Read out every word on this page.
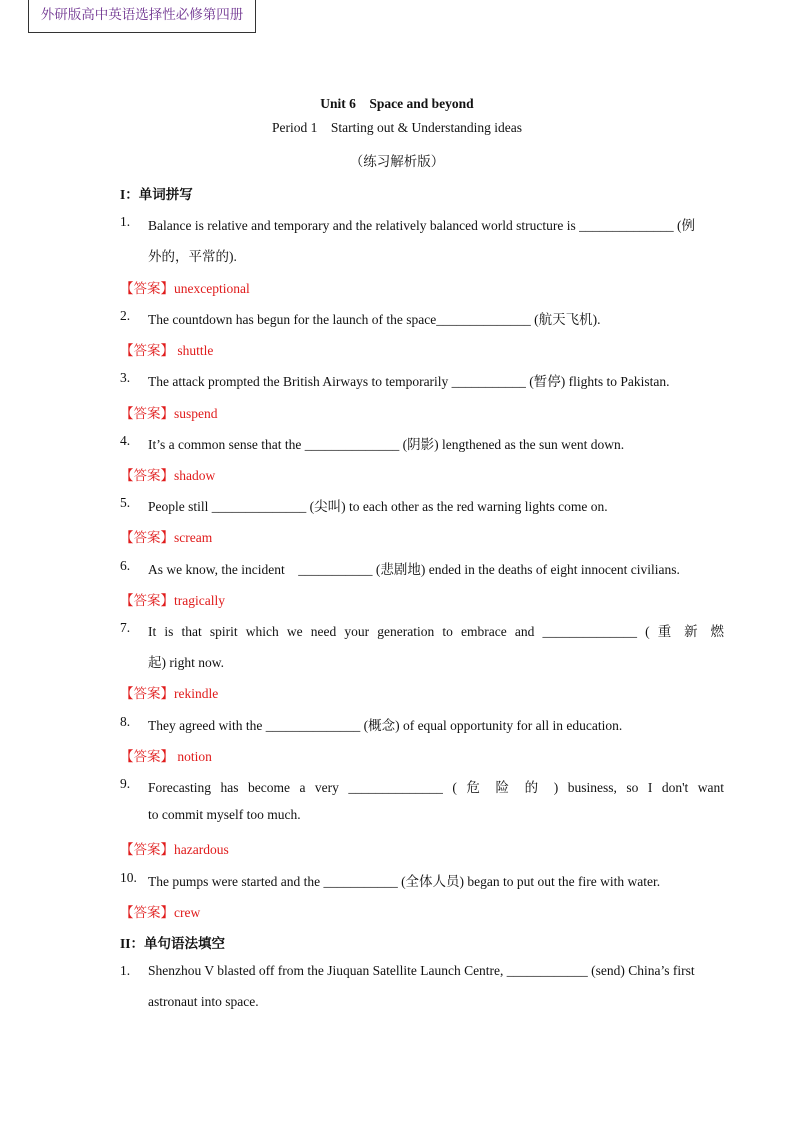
外研版高中英语选择性必修第四册
Unit 6    Space and beyond
Period 1    Starting out & Understanding ideas
（练习解析版）
I：单词拼写
1. Balance is relative and temporary and the relatively balanced world structure is ______________ (例
外的，平常的).
【答案】unexceptional
2. The countdown has begun for the launch of the space______________ (航天飞机).
【答案】 shuttle
3. The attack prompted the British Airways to temporarily ___________ (暂停) flights to Pakistan.
【答案】suspend
4. It’s a common sense that the ______________ (阴影) lengthened as the sun went down.
【答案】shadow
5. People still ______________ (尖叫) to each other as the red warning lights come on.
【答案】scream
6. As we know, the incident    ___________ (悲剧地) ended in the deaths of eight innocent civilians.
【答案】tragically
7. It is that spirit which we need your generation to embrace and ______________ ( 重 新 燃
起) right now.
【答案】rekindle
8. They agreed with the ______________ (概念) of equal opportunity for all in education.
【答案】 notion
9. Forecasting has become a very ______________ ( 危 险 的 ) business, so I don't want
to commit myself too much.
【答案】hazardous
10. The pumps were started and the ___________ (全体人员) began to put out the fire with water.
【答案】crew
II：单句语法填空
1. Shenzhou V blasted off from the Jiuquan Satellite Launch Centre, ____________ (send) China’s first
astronaut into space.
